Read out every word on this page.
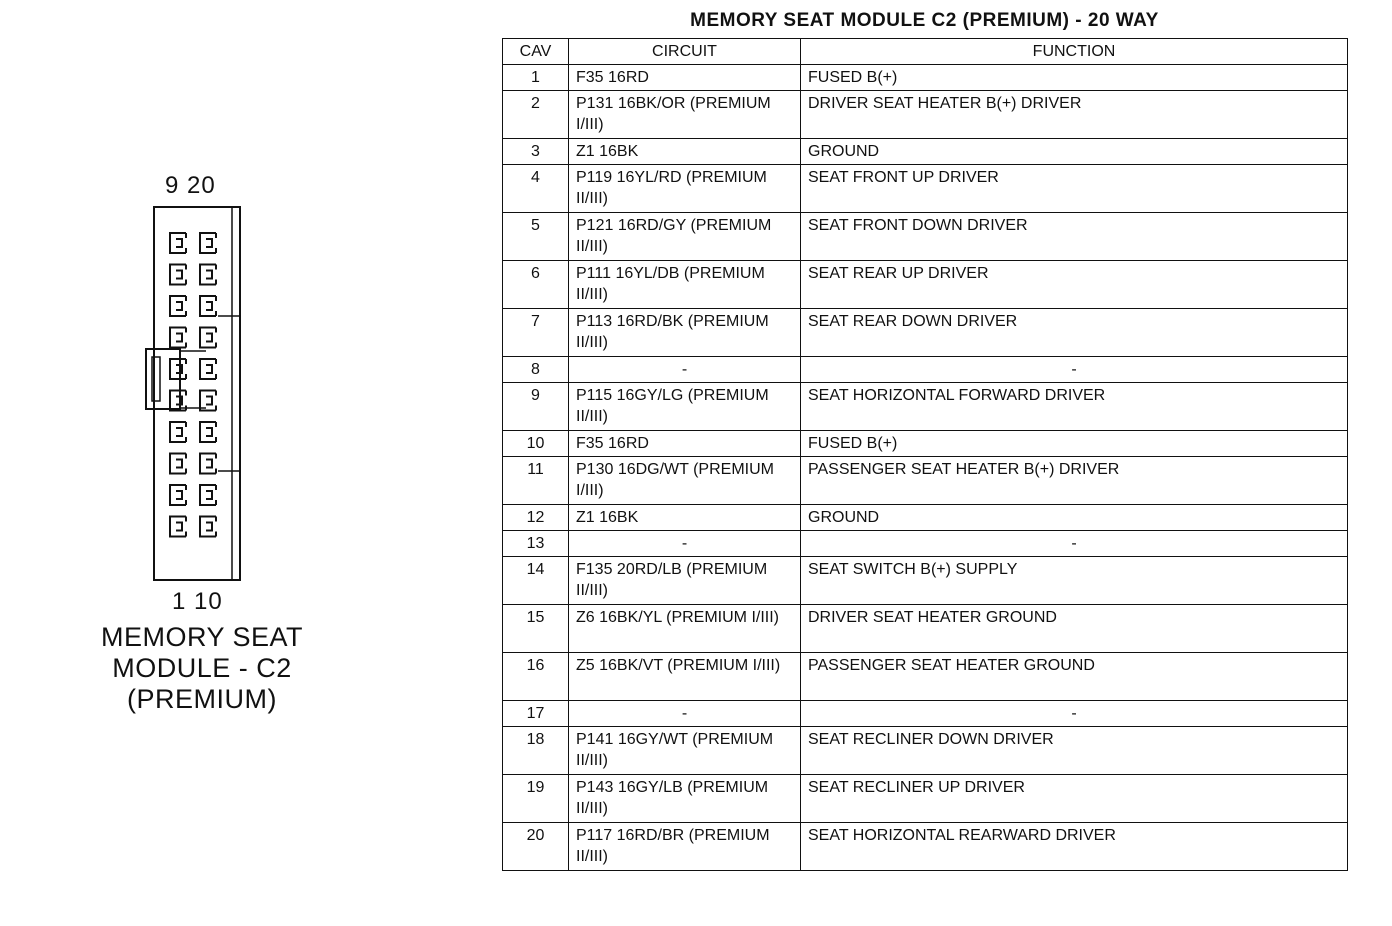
9 20
1 10
MEMORY SEAT
MODULE - C2
(PREMIUM)
MEMORY SEAT MODULE C2 (PREMIUM) - 20 WAY
CAV	CIRCUIT	FUNCTION
1	F35 16RD	FUSED B(+)
2	P131 16BK/OR (PREMIUM I/III)	DRIVER SEAT HEATER B(+) DRIVER
3	Z1 16BK	GROUND
4	P119 16YL/RD (PREMIUM II/III)	SEAT FRONT UP DRIVER
5	P121 16RD/GY (PREMIUM II/III)	SEAT FRONT DOWN DRIVER
6	P111 16YL/DB (PREMIUM II/III)	SEAT REAR UP DRIVER
7	P113 16RD/BK (PREMIUM II/III)	SEAT REAR DOWN DRIVER
8	-	-
9	P115 16GY/LG (PREMIUM II/III)	SEAT HORIZONTAL FORWARD DRIVER
10	F35 16RD	FUSED B(+)
11	P130 16DG/WT (PREMIUM I/III)	PASSENGER SEAT HEATER B(+) DRIVER
12	Z1 16BK	GROUND
13	-	-
14	F135 20RD/LB (PREMIUM II/III)	SEAT SWITCH B(+) SUPPLY
15	Z6 16BK/YL (PREMIUM I/III)	DRIVER SEAT HEATER GROUND
16	Z5 16BK/VT (PREMIUM I/III)	PASSENGER SEAT HEATER GROUND
17	-	-
18	P141 16GY/WT (PREMIUM II/III)	SEAT RECLINER DOWN DRIVER
19	P143 16GY/LB (PREMIUM II/III)	SEAT RECLINER UP DRIVER
20	P117 16RD/BR (PREMIUM II/III)	SEAT HORIZONTAL REARWARD DRIVER
